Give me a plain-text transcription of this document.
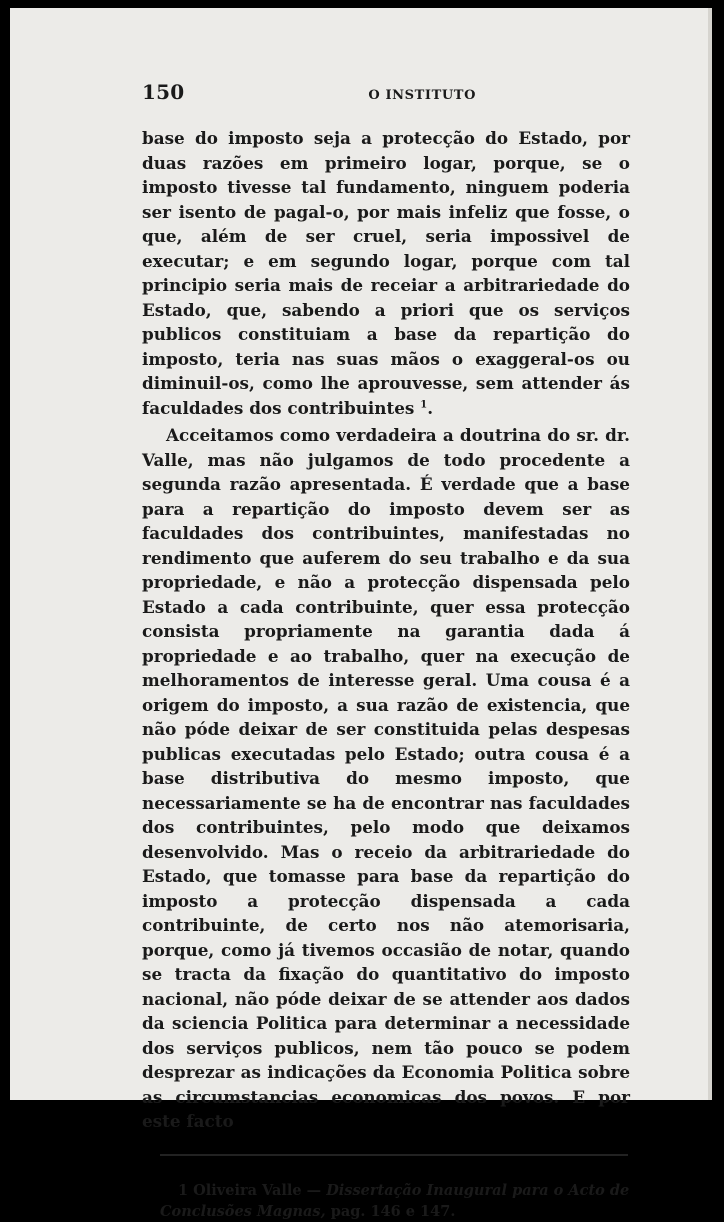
150	O INSTITUTO

base do imposto seja a protecção do Estado, por duas razões em primeiro logar, porque, se o imposto tivesse tal fundamento, ninguem poderia ser isento de pagal-o, por mais infeliz que fosse, o que, além de ser cruel, seria impossivel de executar; e em segundo logar, porque com tal principio seria mais de receiar a arbitrariedade do Estado, que, sabendo a priori que os serviços publicos constituiam a base da repartição do imposto, teria nas suas mãos o exaggeral-os ou diminuil-os, como lhe aprouvesse, sem attender ás faculdades dos contribuintes $^1$.

Acceitamos como verdadeira a doutrina do sr. dr. Valle, mas não julgamos de todo procedente a segunda razão apresentada. É verdade que a base para a repartição do imposto devem ser as faculdades dos contribuintes, manifestadas no rendimento que auferem do seu trabalho e da sua propriedade, e não a protecção dispensada pelo Estado a cada contribuinte, quer essa protecção consista propriamente na garantia dada á propriedade e ao trabalho, quer na execução de melhoramentos de interesse geral. Uma cousa é a origem do imposto, a sua razão de existencia, que não póde deixar de ser constituida pelas despesas publicas executadas pelo Estado; outra cousa é a base distributiva do mesmo imposto, que necessariamente se ha de encontrar nas faculdades dos contribuintes, pelo modo que deixamos desenvolvido. Mas o receio da arbitrariedade do Estado, que tomasse para base da repartição do imposto a protecção dispensada a cada contribuinte, de certo nos não atemorisaria, porque, como já tivemos occasião de notar, quando se tracta da fixação do quantitativo do imposto nacional, não póde deixar de se attender aos dados da sciencia Politica para determinar a necessidade dos serviços publicos, nem tão pouco se podem desprezar as indicações da Economia Politica sobre as circumstancias economicas dos povos. E por este facto

1 Oliveira Valle — Dissertação Inaugural para o Acto de Conclusões Magnas, pag. 146 e 147.
